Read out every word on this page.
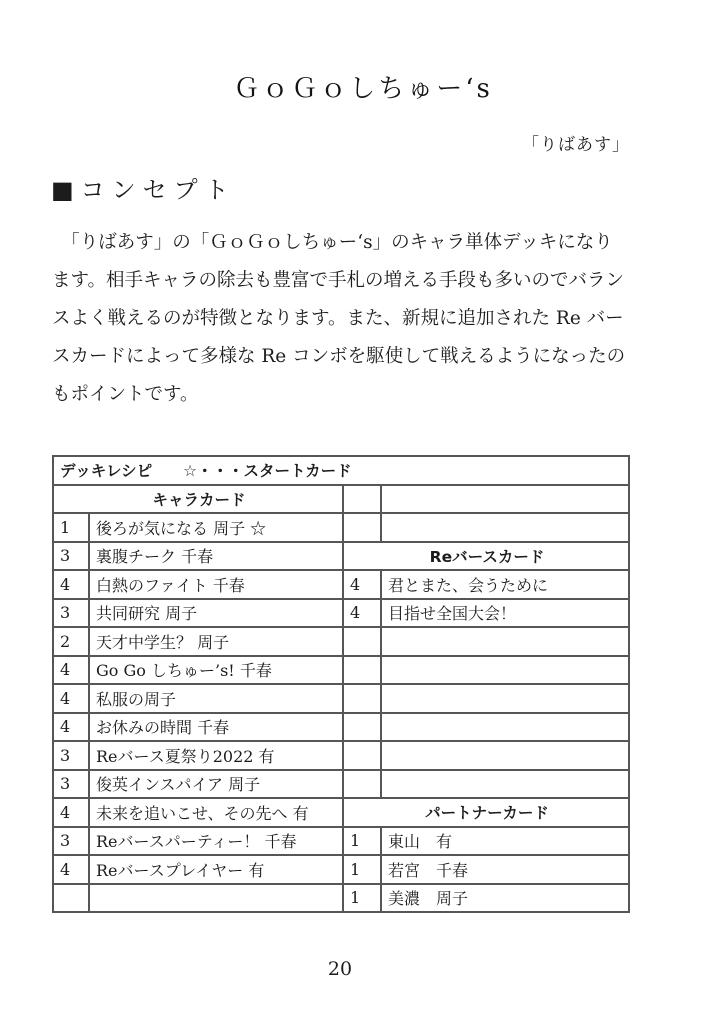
ＧｏＧｏしちゅー‘s
「りばあす」
■コンセプト
「りばあす」の「ＧｏＧｏしちゅー‘s」のキャラ単体デッキになり
ます。相手キャラの除去も豊富で手札の増える手段も多いのでバラン
スよく戦えるのが特徴となります。また、新規に追加された Re バー
スカードによって多様な Re コンボを駆使して戦えるようになったの
もポイントです。
デッキレシピ　　☆・・・スタートカード			
キャラカード			
1	後ろが気になる 周子 ☆		
3	裏腹チーク 千春	Reバースカード	
4	白熱のファイト 千春	4	君とまた、会うために
3	共同研究 周子	4	目指せ全国大会！
2	天才中学生？ 周子		
4	Go Go しちゅー’s! 千春		
4	私服の周子		
4	お休みの時間 千春		
3	Reバース夏祭り2022 有		
3	俊英インスパイア 周子		
4	未来を追いこせ、その先へ 有	パートナーカード	
3	Reバースパーティー！ 千春	1	東山　有
4	Reバースプレイヤー 有	1	若宮　千春
		1	美濃　周子
20
